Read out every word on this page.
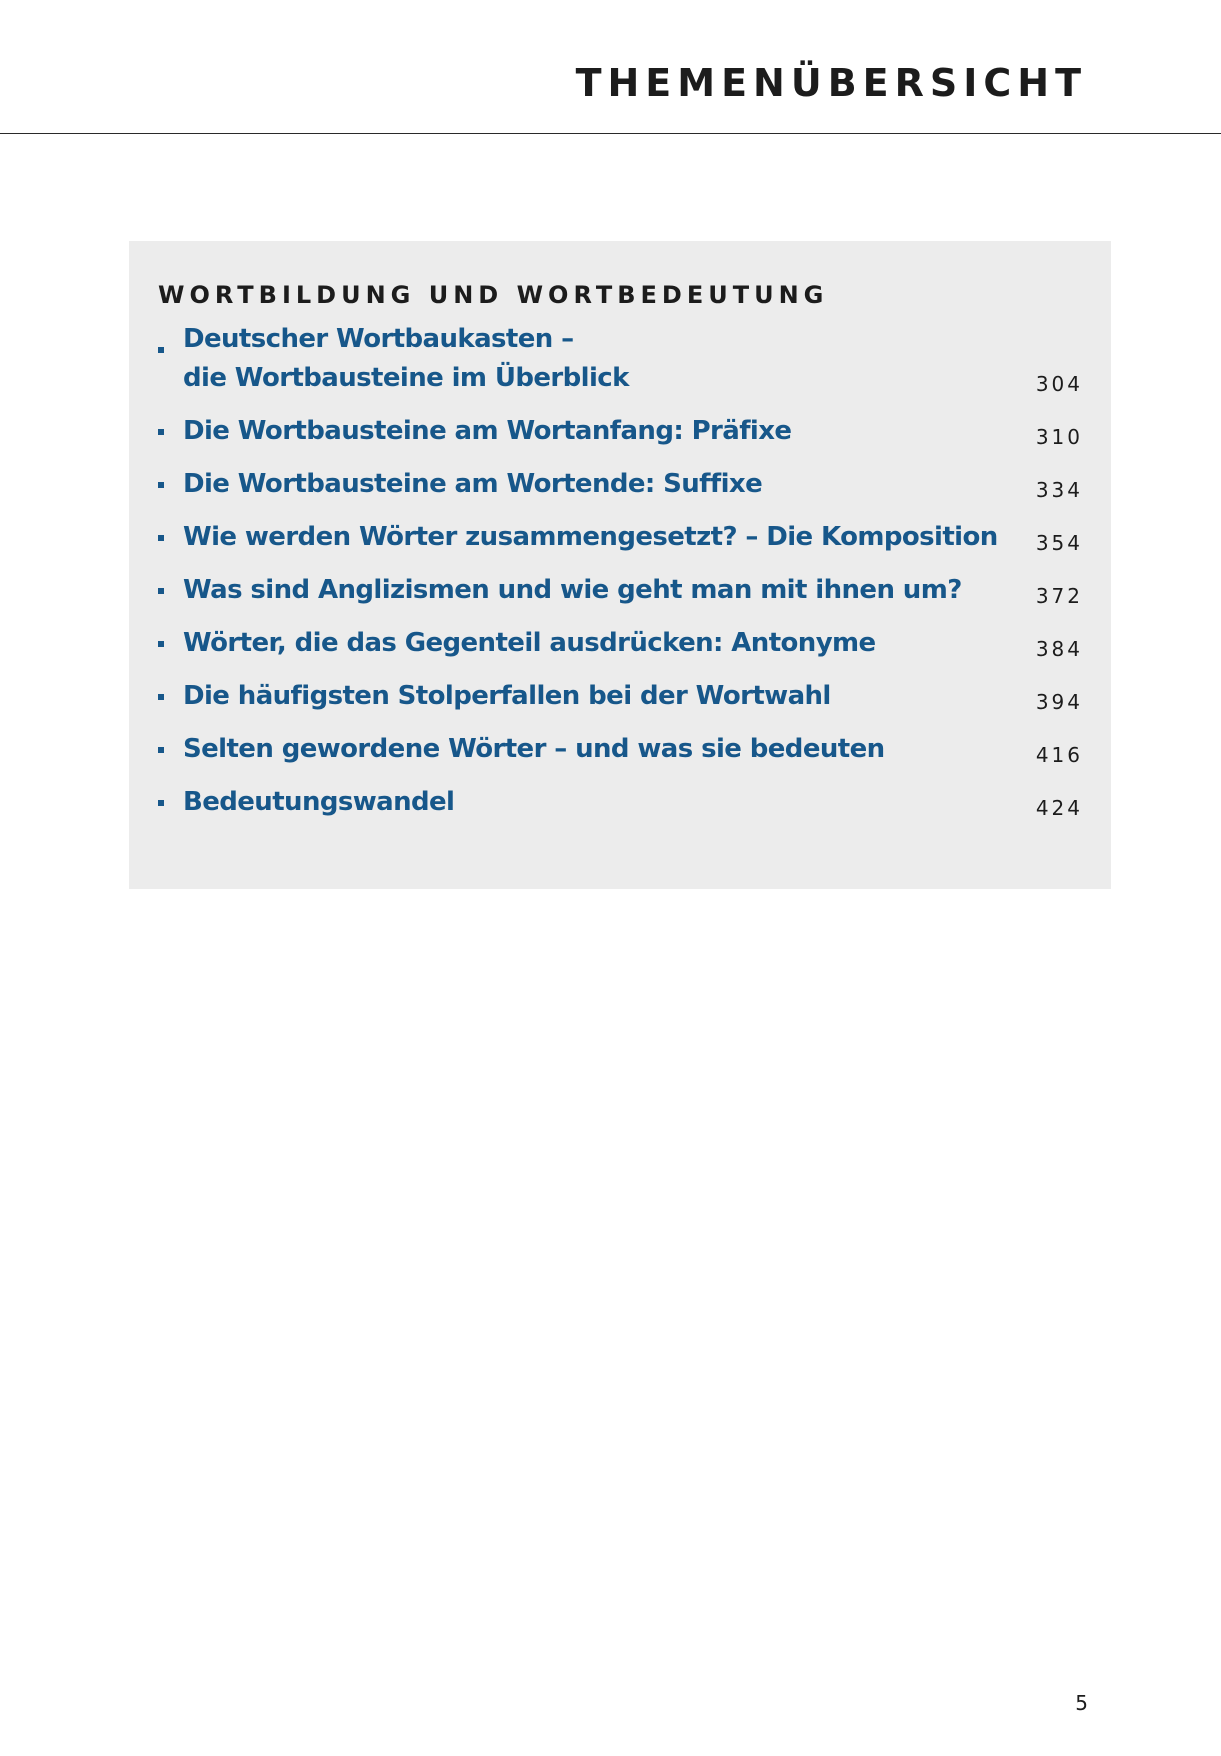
THEMENÜBERSICHT
WORTBILDUNG UND WORTBEDEUTUNG
Deutscher Wortbaukasten –
die Wortbausteine im Überblick	304
Die Wortbausteine am Wortanfang: Präfixe	310
Die Wortbausteine am Wortende: Suffixe	334
Wie werden Wörter zusammengesetzt? – Die Komposition	354
Was sind Anglizismen und wie geht man mit ihnen um?	372
Wörter, die das Gegenteil ausdrücken: Antonyme	384
Die häufigsten Stolperfallen bei der Wortwahl	394
Selten gewordene Wörter – und was sie bedeuten	416
Bedeutungswandel	424
5
